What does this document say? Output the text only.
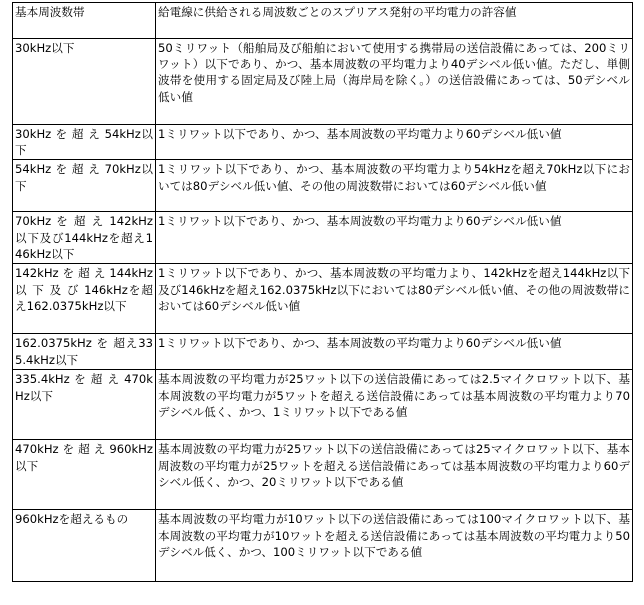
基本周波数帯	給電線に供給される周波数ごとのスプリアス発射の平均電力の許容値
30kHz以下	50ミリワット（船舶局及び船舶において使用する携帯局の送信設備にあっては、200ミリワット）以下であり、かつ、基本周波数の平均電力より40デシベル低い値。ただし、単側波帯を使用する固定局及び陸上局（海岸局を除く。）の送信設備にあっては、50デシベル低い値
30kHz を 超 え 54kHz以下	1ミリワット以下であり、かつ、基本周波数の平均電力より60デシベル低い値
54kHz を 超 え 70kHz以下	1ミリワット以下であり、かつ、基本周波数の平均電力より54kHzを超え70kHz以下においては80デシベル低い値、その他の周波数帯においては60デシベル低い値
70kHz を 超 え 142kHz以下及び144kHzを超え146kHz以下	1ミリワット以下であり、かつ、基本周波数の平均電力より60デシベル低い値
142kHz を 超 え 144kHz 以 下 及 び 146kHzを超え162.0375kHz以下	1ミリワット以下であり、かつ、基本周波数の平均電力より、142kHzを超え144kHz以下及び146kHzを超え162.0375kHz以下においては80デシベル低い値、その他の周波数帯においては60デシベル低い値
162.0375kHz を 超え335.4kHz以下	1ミリワット以下であり、かつ、基本周波数の平均電力より60デシベル低い値
335.4kHz を 超 え 470kHz以下	基本周波数の平均電力が25ワット以下の送信設備にあっては2.5マイクロワット以下、基本周波数の平均電力が5ワットを超える送信設備にあっては基本周波数の平均電力より70デシベル低く、かつ、1ミリワット以下である値
470kHz を 超 え 960kHz以下	基本周波数の平均電力が25ワット以下の送信設備にあっては25マイクロワット以下、基本周波数の平均電力が25ワットを超える送信設備にあっては基本周波数の平均電力より60デシベル低く、かつ、20ミリワット以下である値
960kHzを超えるもの	基本周波数の平均電力が10ワット以下の送信設備にあっては100マイクロワット以下、基本周波数の平均電力が10ワットを超える送信設備にあっては基本周波数の平均電力より50デシベル低く、かつ、100ミリワット以下である値
